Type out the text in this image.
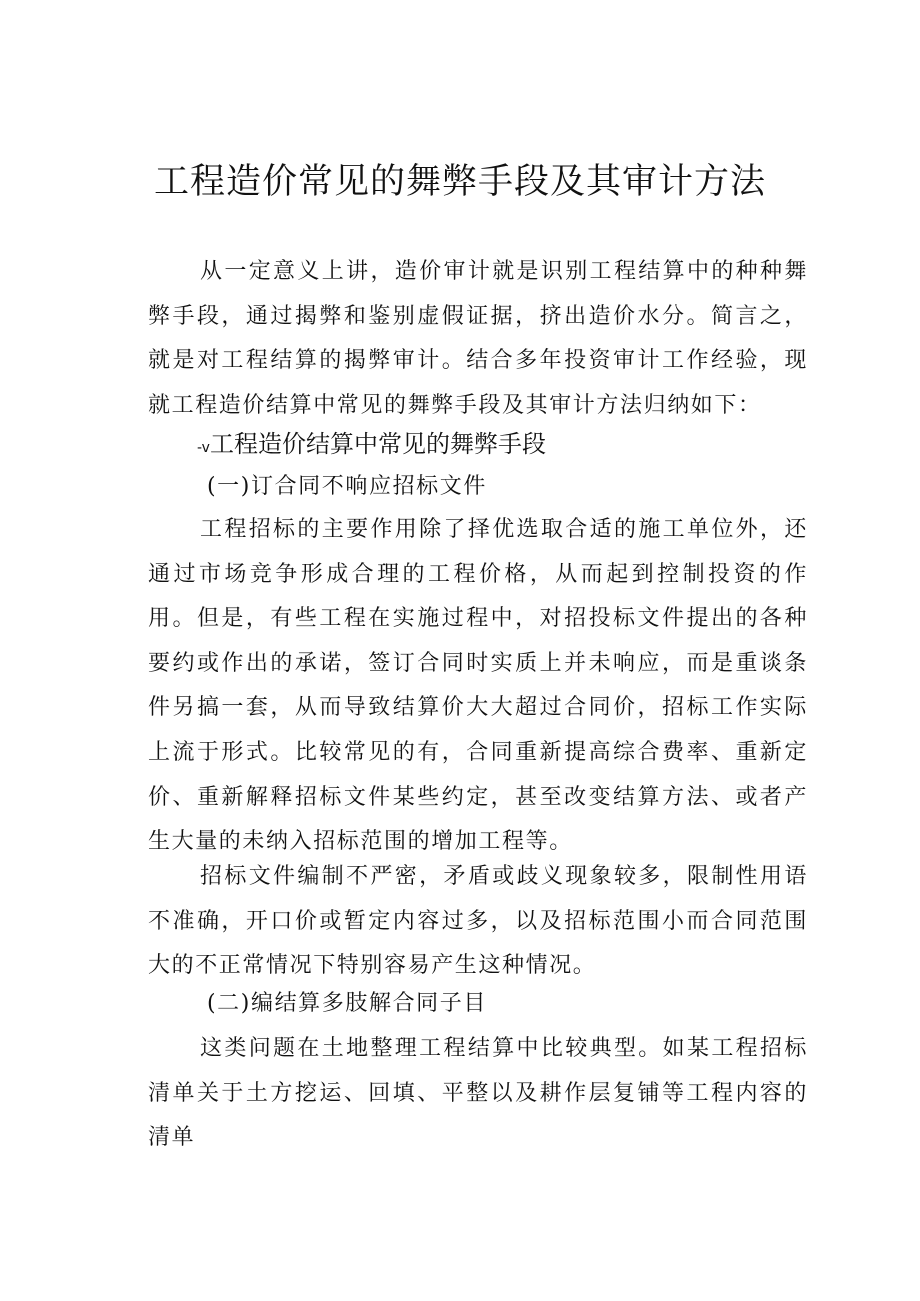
工程造价常见的舞弊手段及其审计方法

从一定意义上讲，造价审计就是识别工程结算中的种种舞弊手段，通过揭弊和鉴别虚假证据，挤出造价水分。简言之，就是对工程结算的揭弊审计。结合多年投资审计工作经验，现就工程造价结算中常见的舞弊手段及其审计方法归纳如下：

-v工程造价结算中常见的舞弊手段
(一)订合同不响应招标文件

工程招标的主要作用除了择优选取合适的施工单位外，还通过市场竞争形成合理的工程价格，从而起到控制投资的作用。但是，有些工程在实施过程中，对招投标文件提出的各种要约或作出的承诺，签订合同时实质上并未响应，而是重谈条件另搞一套，从而导致结算价大大超过合同价，招标工作实际上流于形式。比较常见的有，合同重新提高综合费率、重新定价、重新解释招标文件某些约定，甚至改变结算方法、或者产生大量的未纳入招标范围的增加工程等。

招标文件编制不严密，矛盾或歧义现象较多，限制性用语不准确，开口价或暂定内容过多，以及招标范围小而合同范围大的不正常情况下特别容易产生这种情况。

(二)编结算多肢解合同子目

这类问题在土地整理工程结算中比较典型。如某工程招标清单关于土方挖运、回填、平整以及耕作层复铺等工程内容的清单
